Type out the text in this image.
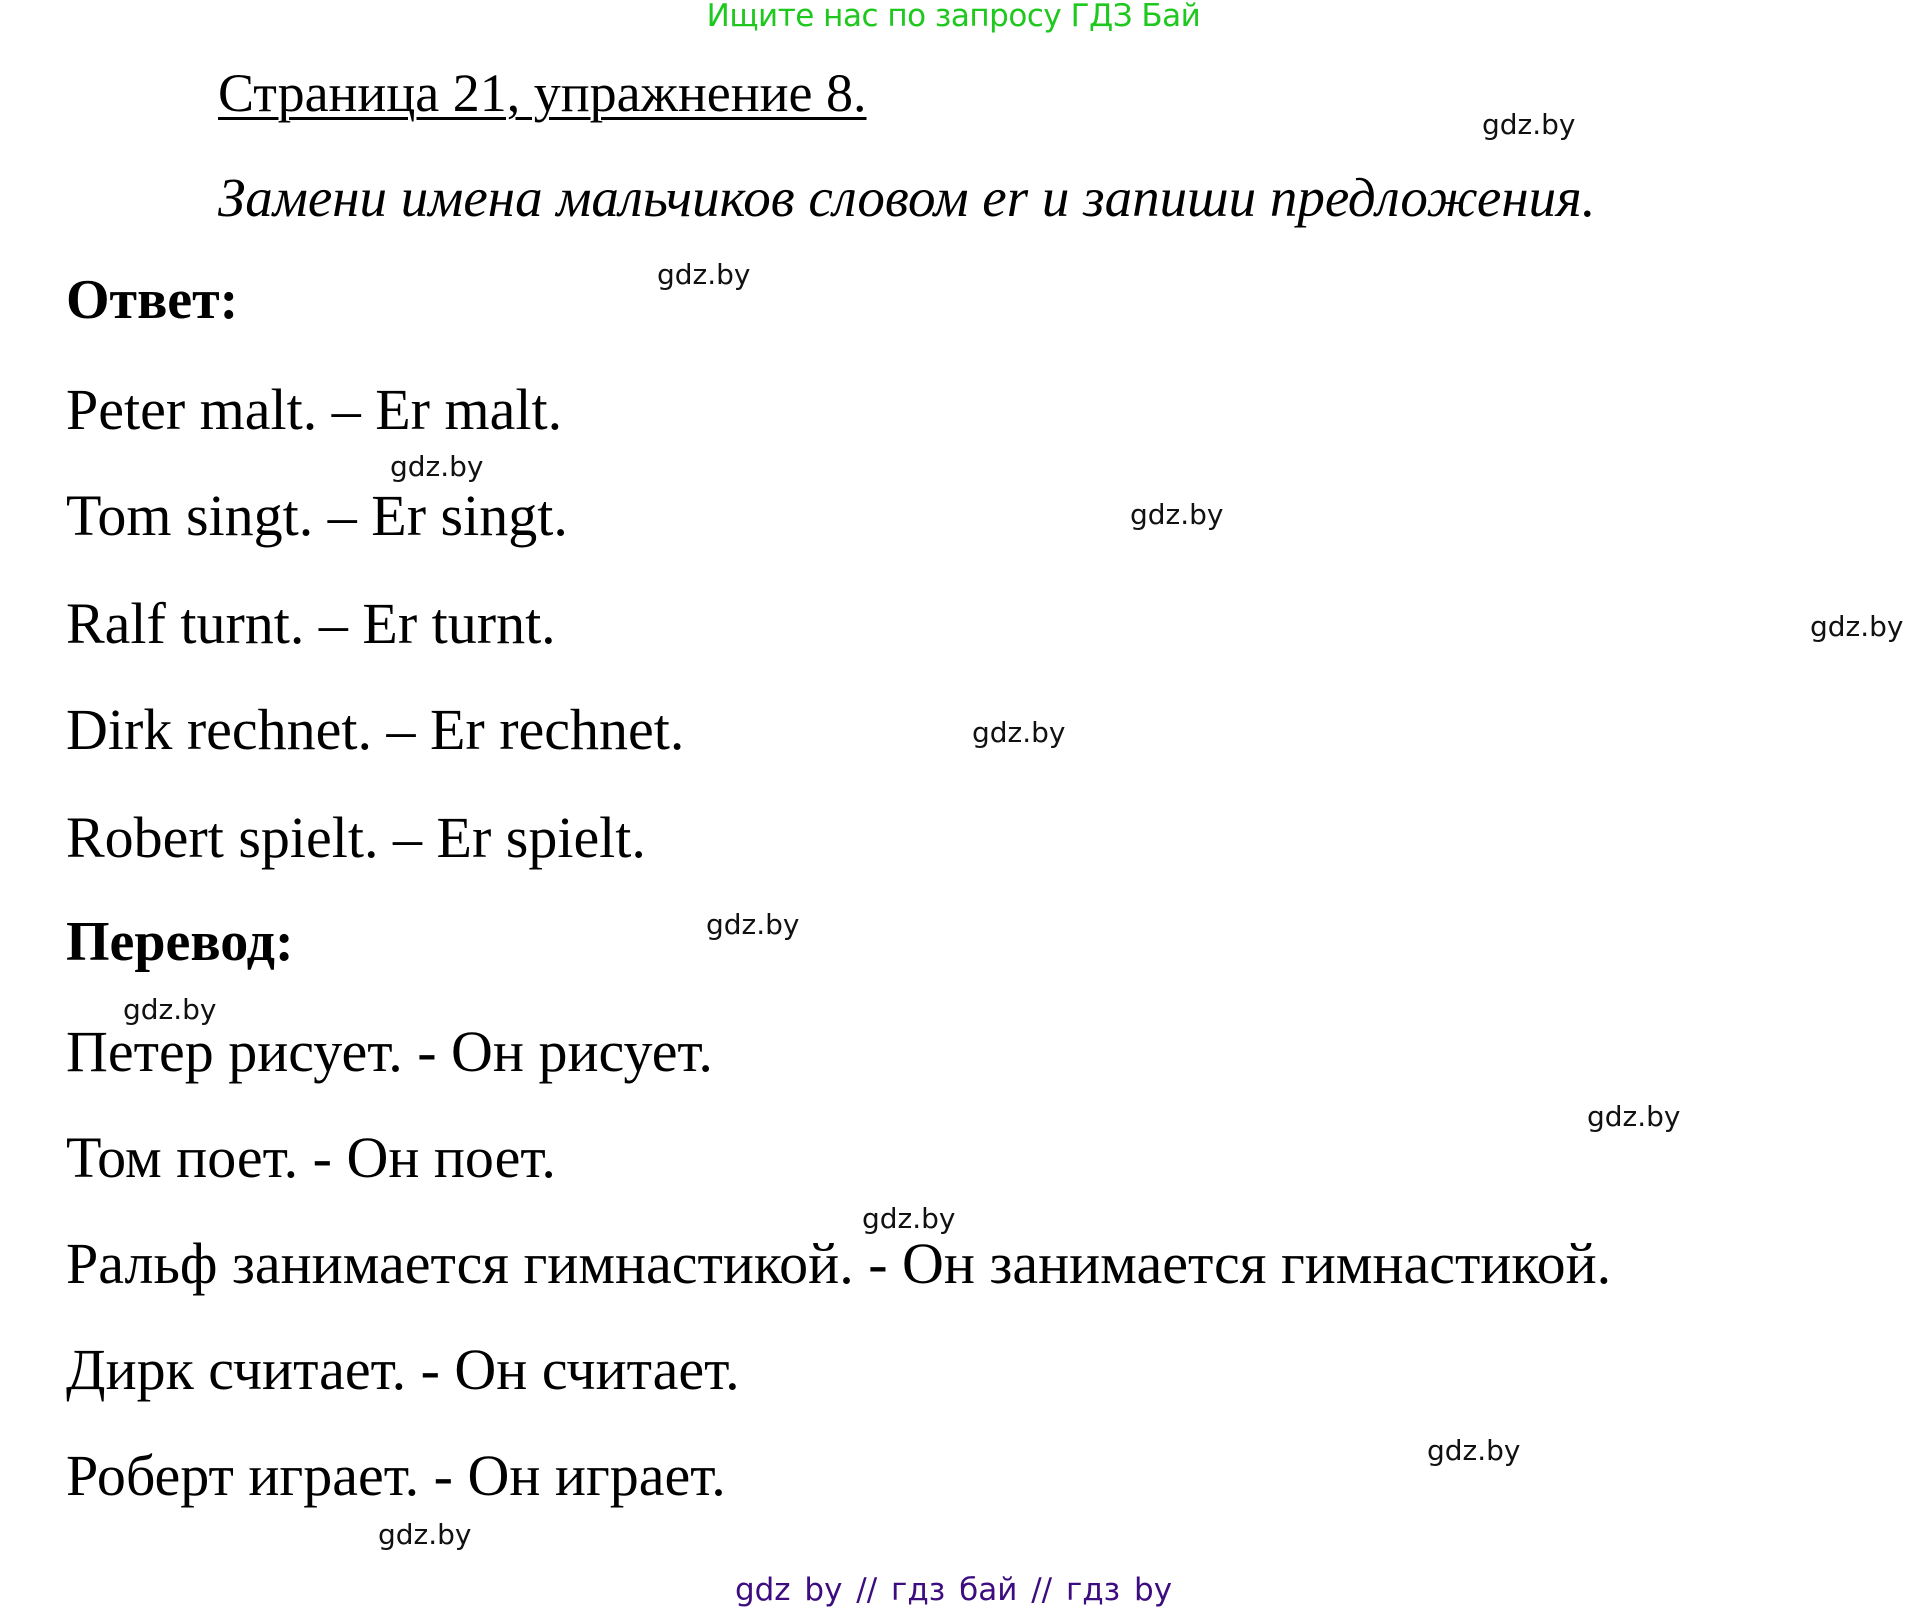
Ищите нас по запросу ГДЗ Бай
Страница 21, упражнение 8.
gdz.by
Замени имена мальчиков словом er и запиши предложения.
Ответ:	gdz.by
Peter malt. – Er malt.
gdz.by
Tom singt. – Er singt.	gdz.by
Ralf turnt. – Er turnt.	gdz.by
Dirk rechnet. – Er rechnet.	gdz.by
Robert spielt. – Er spielt.
Перевод:	gdz.by
gdz.by
Петер рисует. - Он рисует.
gdz.by
Том поет. - Он поет.
gdz.by
Ральф занимается гимнастикой. - Он занимается гимнастикой.
Дирк считает. - Он считает.
gdz.by
Роберт играет. - Он играет.
gdz.by
gdz by // гдз бай // гдз by
